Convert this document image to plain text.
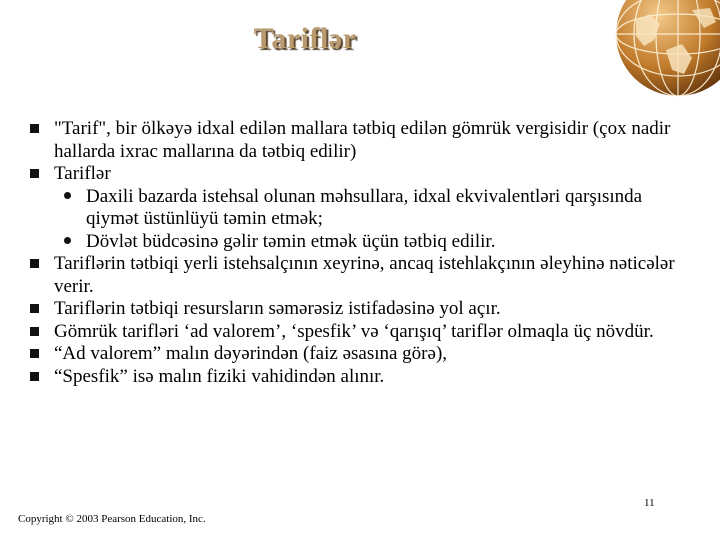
Tariflər
"Tarif", bir ölkəyə idxal edilən mallara tətbiq edilən gömrük vergisidir (çox nadir hallarda ixrac mallarına da tətbiq edilir)
Tariflər
Daxili bazarda istehsal olunan məhsullara, idxal ekvivalentləri qarşısında qiymət üstünlüyü təmin etmək;
Dövlət büdcəsinə gəlir təmin etmək üçün tətbiq edilir.
Tariflərin tətbiqi yerli istehsalçının xeyrinə, ancaq istehlakçının əleyhinə nəticələr verir.
Tariflərin tətbiqi resursların səmərəsiz istifadəsinə yol açır.
Gömrük tarifləri ‘ad valorem’, ‘spesfik’ və ‘qarışıq’ tariflər olmaqla üç növdür.
“Ad valorem” malın dəyərindən (faiz əsasına görə),
“Spesfik” isə malın fiziki vahidindən alınır.
11
Copyright © 2003 Pearson Education, Inc.
